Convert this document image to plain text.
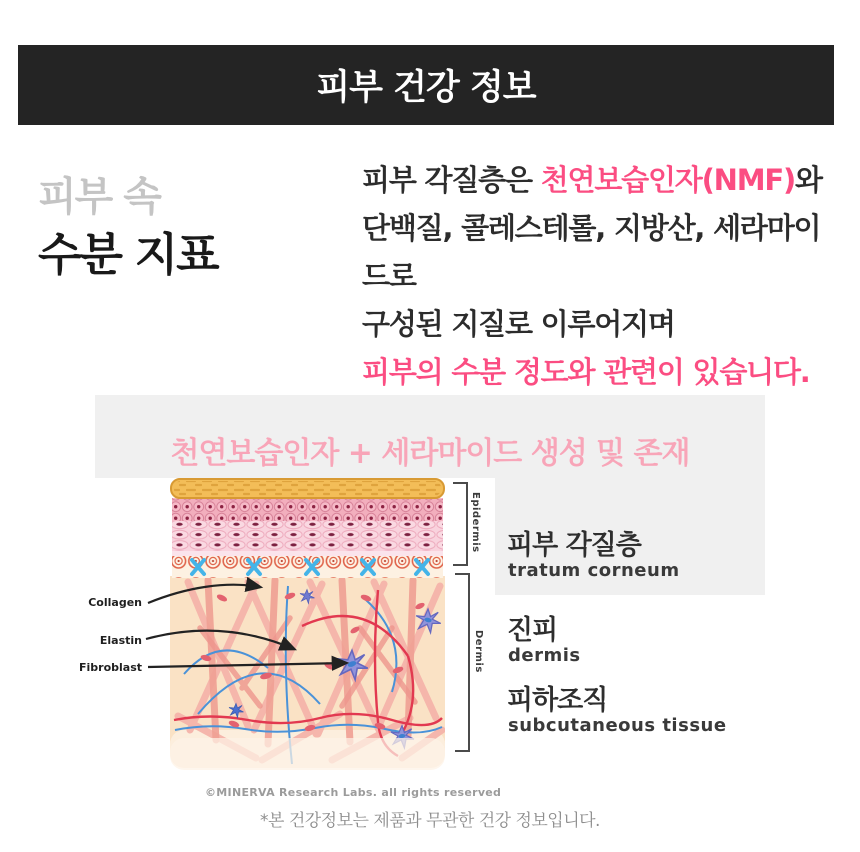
피부 건강 정보
피부 속
수분 지표
피부 각질층은 천연보습인자(NMF)와
단백질, 콜레스테롤, 지방산, 세라마이드로
구성된 지질로 이루어지며
피부의 수분 정도와 관련이 있습니다.
천연보습인자 + 세라마이드 생성 및 존재
Collagen
Elastin
Fibroblast
Epidermis
Dermis
피부 각질층
tratum corneum
진피
dermis
피하조직
subcutaneous tissue
©MINERVA Research Labs. all rights reserved
*본 건강정보는 제품과 무관한 건강 정보입니다.
